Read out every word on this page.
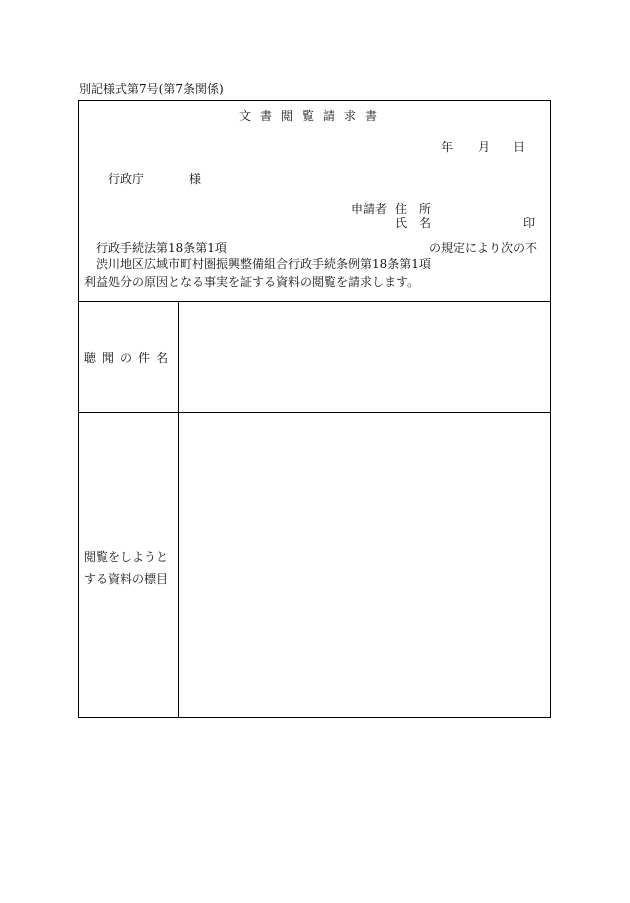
別記様式第7号(第7条関係)
文書閲覧請求書
年 月 日
行政庁	様
申請者 住　所
氏　名	印
行政手続法第18条第1項	の規定により次の不
渋川地区広域市町村圏振興整備組合行政手続条例第18条第1項
利益処分の原因となる事実を証する資料の閲覧を請求します。
聴聞の件名
閲覧をしようと
する資料の標目
